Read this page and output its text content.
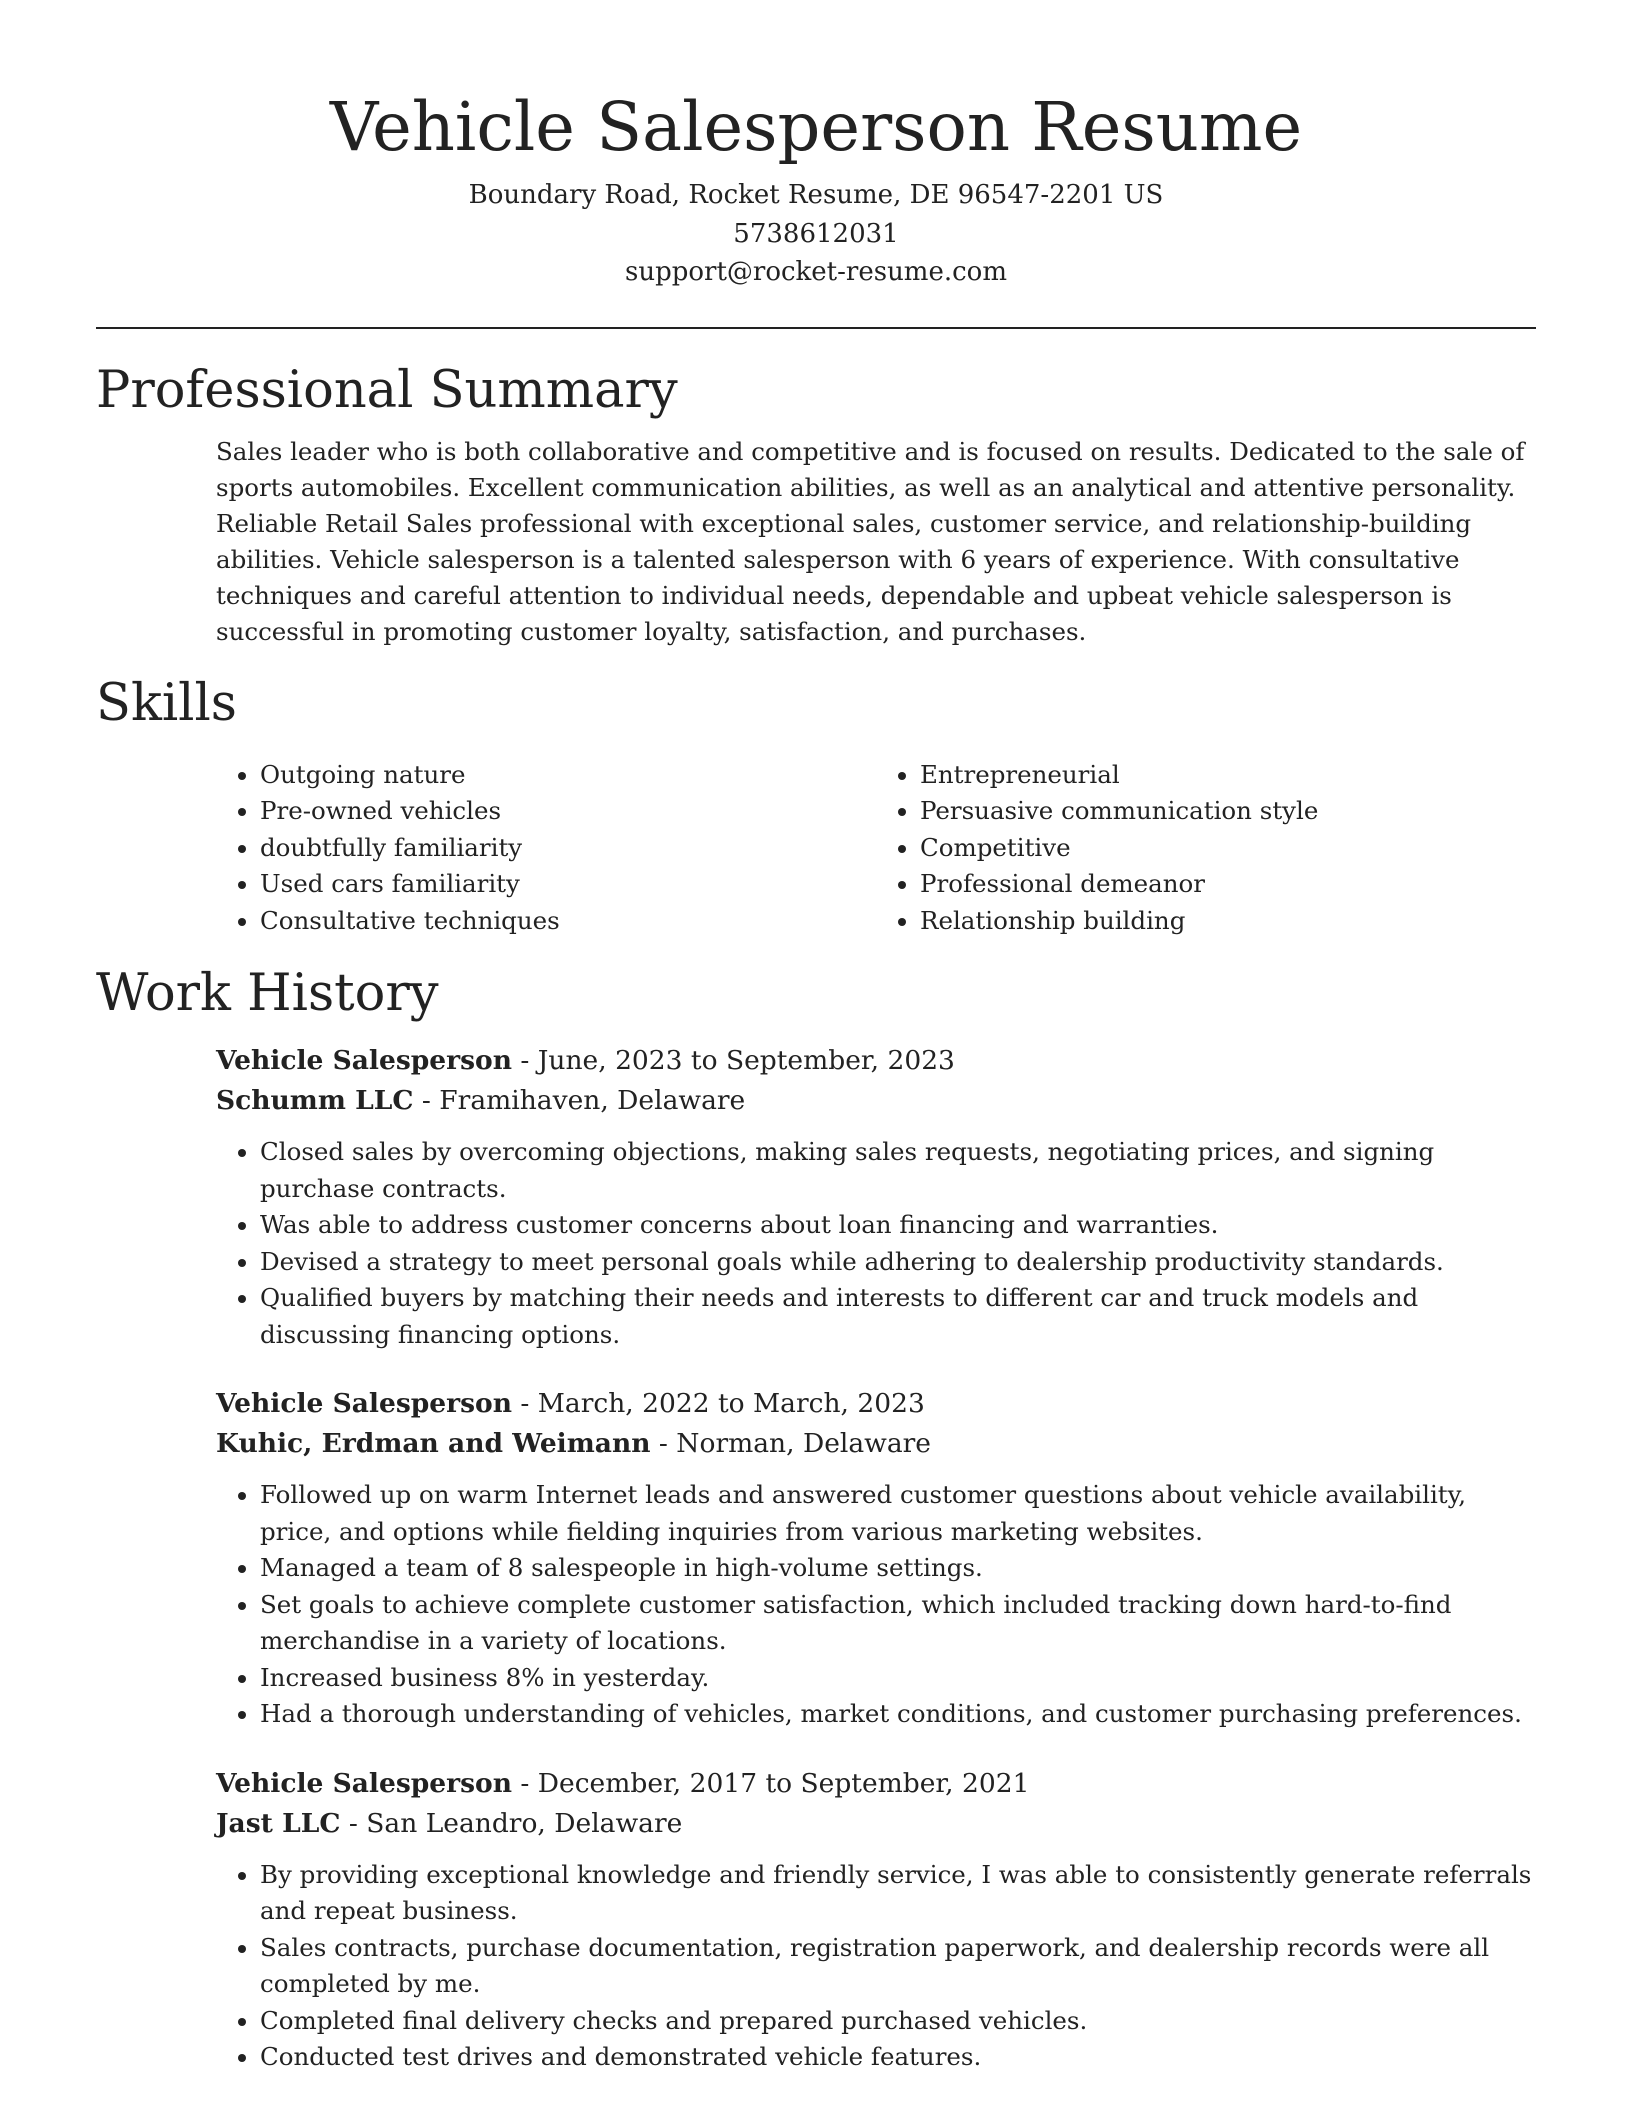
Vehicle Salesperson Resume
Boundary Road, Rocket Resume, DE 96547-2201 US
5738612031
support@rocket-resume.com
Professional Summary

Sales leader who is both collaborative and competitive and is focused on results. Dedicated to the sale of sports automobiles. Excellent communication abilities, as well as an analytical and attentive personality. Reliable Retail Sales professional with exceptional sales, customer service, and relationship-building abilities. Vehicle salesperson is a talented salesperson with 6 years of experience. With consultative techniques and careful attention to individual needs, dependable and upbeat vehicle salesperson is successful in promoting customer loyalty, satisfaction, and purchases.

Skills
• Outgoing nature
• Pre-owned vehicles
• doubtfully familiarity
• Used cars familiarity
• Consultative techniques
• Entrepreneurial
• Persuasive communication style
• Competitive
• Professional demeanor
• Relationship building
Work History
Vehicle Salesperson - June, 2023 to September, 2023
Schumm LLC - Framihaven, Delaware
• Closed sales by overcoming objections, making sales requests, negotiating prices, and signing purchase contracts.
• Was able to address customer concerns about loan financing and warranties.
• Devised a strategy to meet personal goals while adhering to dealership productivity standards.
• Qualified buyers by matching their needs and interests to different car and truck models and discussing financing options.
Vehicle Salesperson - March, 2022 to March, 2023
Kuhic, Erdman and Weimann - Norman, Delaware
• Followed up on warm Internet leads and answered customer questions about vehicle availability, price, and options while fielding inquiries from various marketing websites.
• Managed a team of 8 salespeople in high-volume settings.
• Set goals to achieve complete customer satisfaction, which included tracking down hard-to-find merchandise in a variety of locations.
• Increased business 8% in yesterday.
• Had a thorough understanding of vehicles, market conditions, and customer purchasing preferences.
Vehicle Salesperson - December, 2017 to September, 2021
Jast LLC - San Leandro, Delaware
• By providing exceptional knowledge and friendly service, I was able to consistently generate referrals and repeat business.
• Sales contracts, purchase documentation, registration paperwork, and dealership records were all completed by me.
• Completed final delivery checks and prepared purchased vehicles.
• Conducted test drives and demonstrated vehicle features.
